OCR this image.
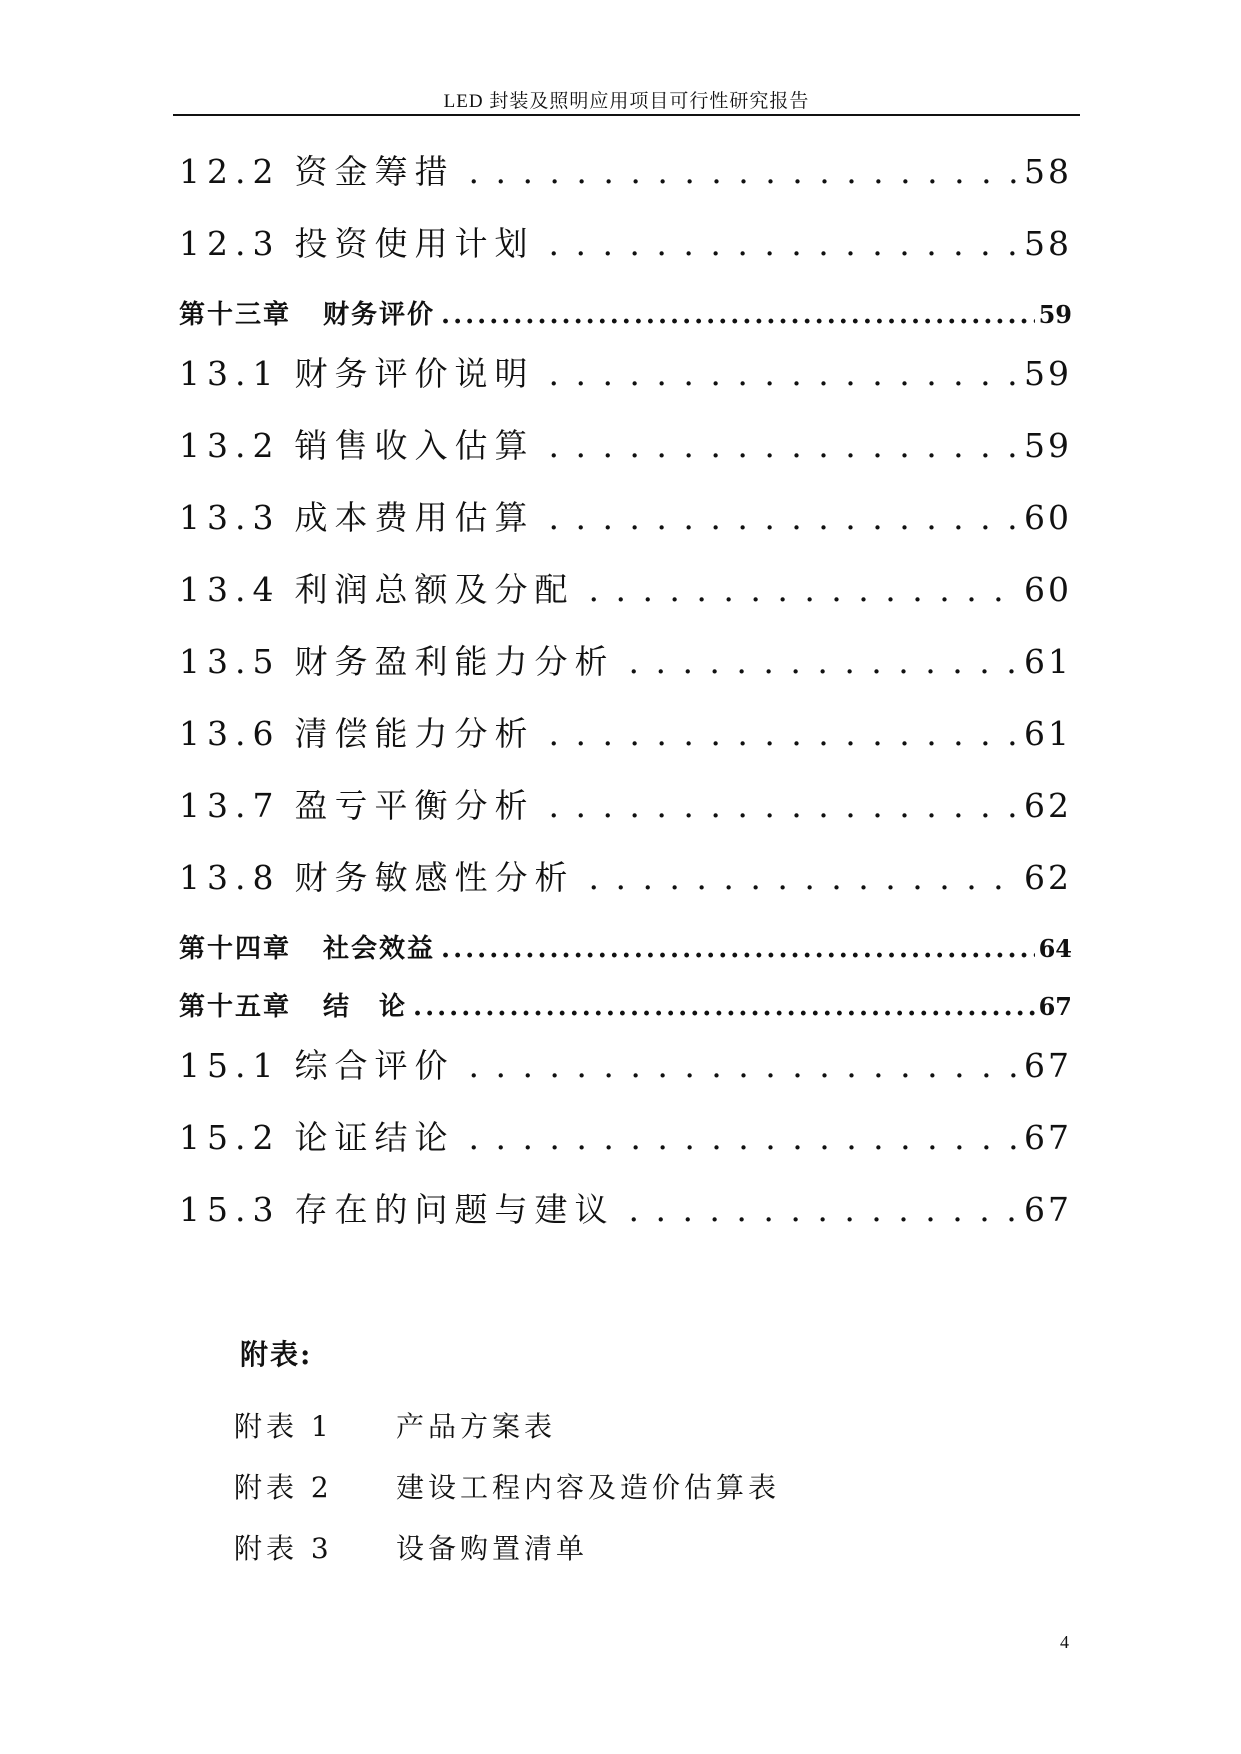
LED 封装及照明应用项目可行性研究报告
12.2 资金筹措 . . .	58
12.3 投资使用计划 . . .	58
第十三章 财务评价 .....	59
13.1 财务评价说明 . . .	59
13.2 销售收入估算 . . .	59
13.3 成本费用估算 . . .	60
13.4 利润总额及分配 . . .	60
13.5 财务盈利能力分析 . . .	61
13.6 清偿能力分析 . . .	61
13.7 盈亏平衡分析 . . .	62
13.8 财务敏感性分析 . . .	62
第十四章 社会效益 .....	64
第十五章 结　论 .....	67
15.1 综合评价 . . .	67
15.2 论证结论 . . .	67
15.3 存在的问题与建议 . . .	67
附表:
附表 1	产品方案表
附表 2	建设工程内容及造价估算表
附表 3	设备购置清单
4
